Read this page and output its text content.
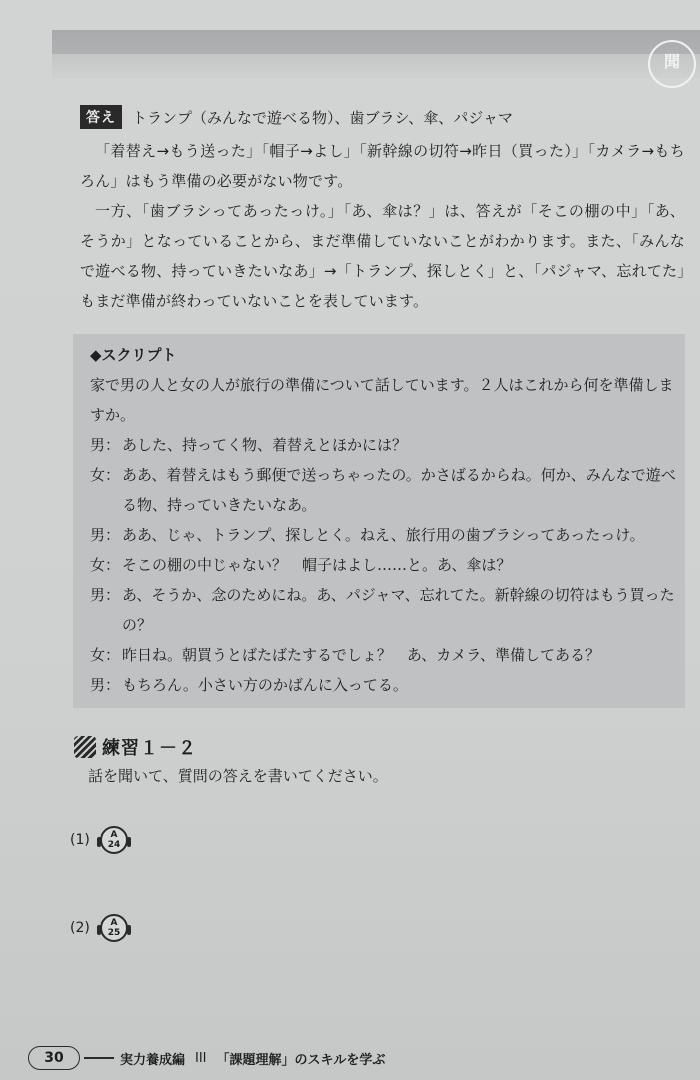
聞
答え	トランプ（みんなで遊べる物）、歯ブラシ、傘、パジャマ
「着替え→もう送った」「帽子→よし」「新幹線の切符→昨日（買った）」「カメラ→もちろん」はもう準備の必要がない物です。
一方、「歯ブラシってあったっけ。」「あ、傘は？」は、答えが「そこの棚の中」「あ、そうか」となっていることから、まだ準備していないことがわかります。また、「みんなで遊べる物、持っていきたいなあ」→「トランプ、探しとく」と、「パジャマ、忘れてた」もまだ準備が終わっていないことを表しています。
◆スクリプト
家で男の人と女の人が旅行の準備について話しています。２人はこれから何を準備しますか。
男： あした、持ってく物、着替えとほかには？
女： ああ、着替えはもう郵便で送っちゃったの。かさばるからね。何か、みんなで遊べる物、持っていきたいなあ。
男： ああ、じゃ、トランプ、探しとく。ねえ、旅行用の歯ブラシってあったっけ。
女： そこの棚の中じゃない？　帽子はよし……と。あ、傘は？
男： あ、そうか、念のためにね。あ、パジャマ、忘れてた。新幹線の切符はもう買ったの？
女： 昨日ね。朝買うとばたばたするでしょ？　あ、カメラ、準備してある？
男： もちろん。小さい方のかばんに入ってる。
練習１－２
話を聞いて、質問の答えを書いてください。
(1)	A
24
(2)	A
25
30	実力養成編 III 「課題理解」のスキルを学ぶ
